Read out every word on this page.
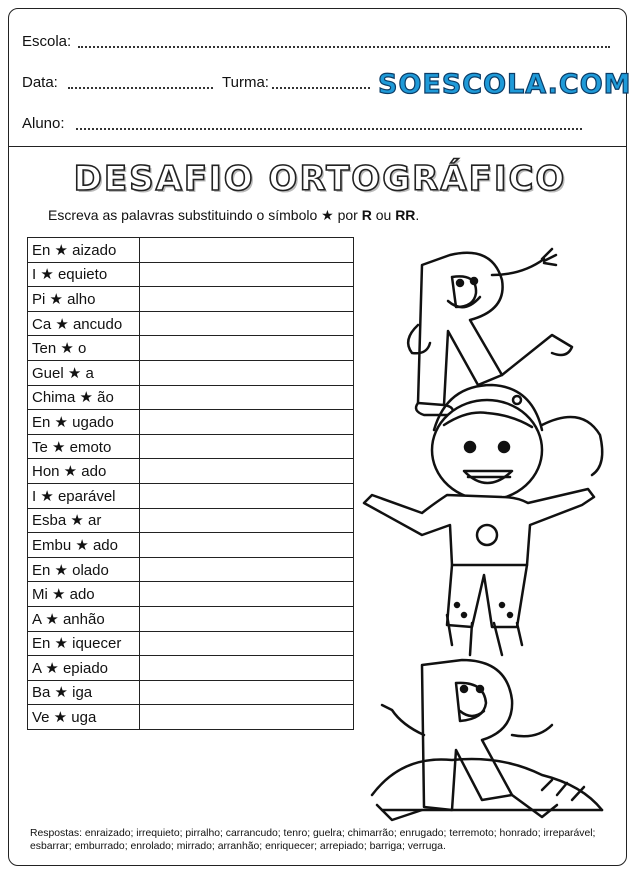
Escola:
Data:	Turma:	SOESCOLA.COM
Aluno:
DESAFIO ORTOGRÁFICO
Escreva as palavras substituindo o símbolo ★ por R ou RR.
En ★ aizado	
I ★ equieto	
Pi ★ alho	
Ca ★ ancudo	
Ten ★ o	
Guel ★ a	
Chima ★ ão	
En ★ ugado	
Te ★ emoto	
Hon ★ ado	
I ★ eparável	
Esba ★ ar	
Embu ★ ado	
En ★ olado	
Mi ★ ado	
A ★ anhão	
En ★ iquecer	
A ★ epiado	
Ba ★ iga	
Ve ★ uga	
Respostas: enraizado; irrequieto; pirralho; carrancudo; tenro; guelra; chimarrão; enrugado; terremoto; honrado; irreparável; esbarrar; emburrado; enrolado; mirrado; arranhão; enriquecer; arrepiado; barriga; verruga.
